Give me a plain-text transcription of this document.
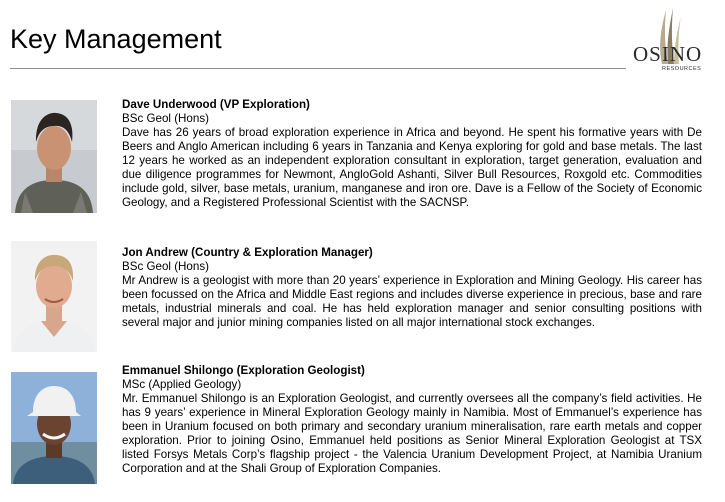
Key Management	OSINO
RESOURCES
Dave Underwood (VP Exploration)
BSc Geol (Hons)
Dave has 26 years of broad exploration experience in Africa and beyond. He spent his formative years with De Beers and Anglo American including 6 years in Tanzania and Kenya exploring for gold and base metals. The last 12 years he worked as an independent exploration consultant in exploration, target generation, evaluation and due diligence programmes for Newmont, AngloGold Ashanti, Silver Bull Resources, Roxgold etc. Commodities include gold, silver, base metals, uranium, manganese and iron ore. Dave is a Fellow of the Society of Economic Geology, and a Registered Professional Scientist with the SACNSP.
Jon Andrew (Country & Exploration Manager)
BSc Geol (Hons)
Mr Andrew is a geologist with more than 20 years’ experience in Exploration and Mining Geology. His career has been focussed on the Africa and Middle East regions and includes diverse experience in precious, base and rare metals, industrial minerals and coal. He has held exploration manager and senior consulting positions with several major and junior mining companies listed on all major international stock exchanges.
Emmanuel Shilongo (Exploration Geologist)
MSc (Applied Geology)
Mr. Emmanuel Shilongo is an Exploration Geologist, and currently oversees all the company’s field activities. He has 9 years’ experience in Mineral Exploration Geology mainly in Namibia. Most of Emmanuel’s experience has been in Uranium focused on both primary and secondary uranium mineralisation, rare earth metals and copper exploration. Prior to joining Osino, Emmanuel held positions as Senior Mineral Exploration Geologist at TSX listed Forsys Metals Corp’s flagship project - the Valencia Uranium Development Project, at Namibia Uranium Corporation and at the Shali Group of Exploration Companies.
